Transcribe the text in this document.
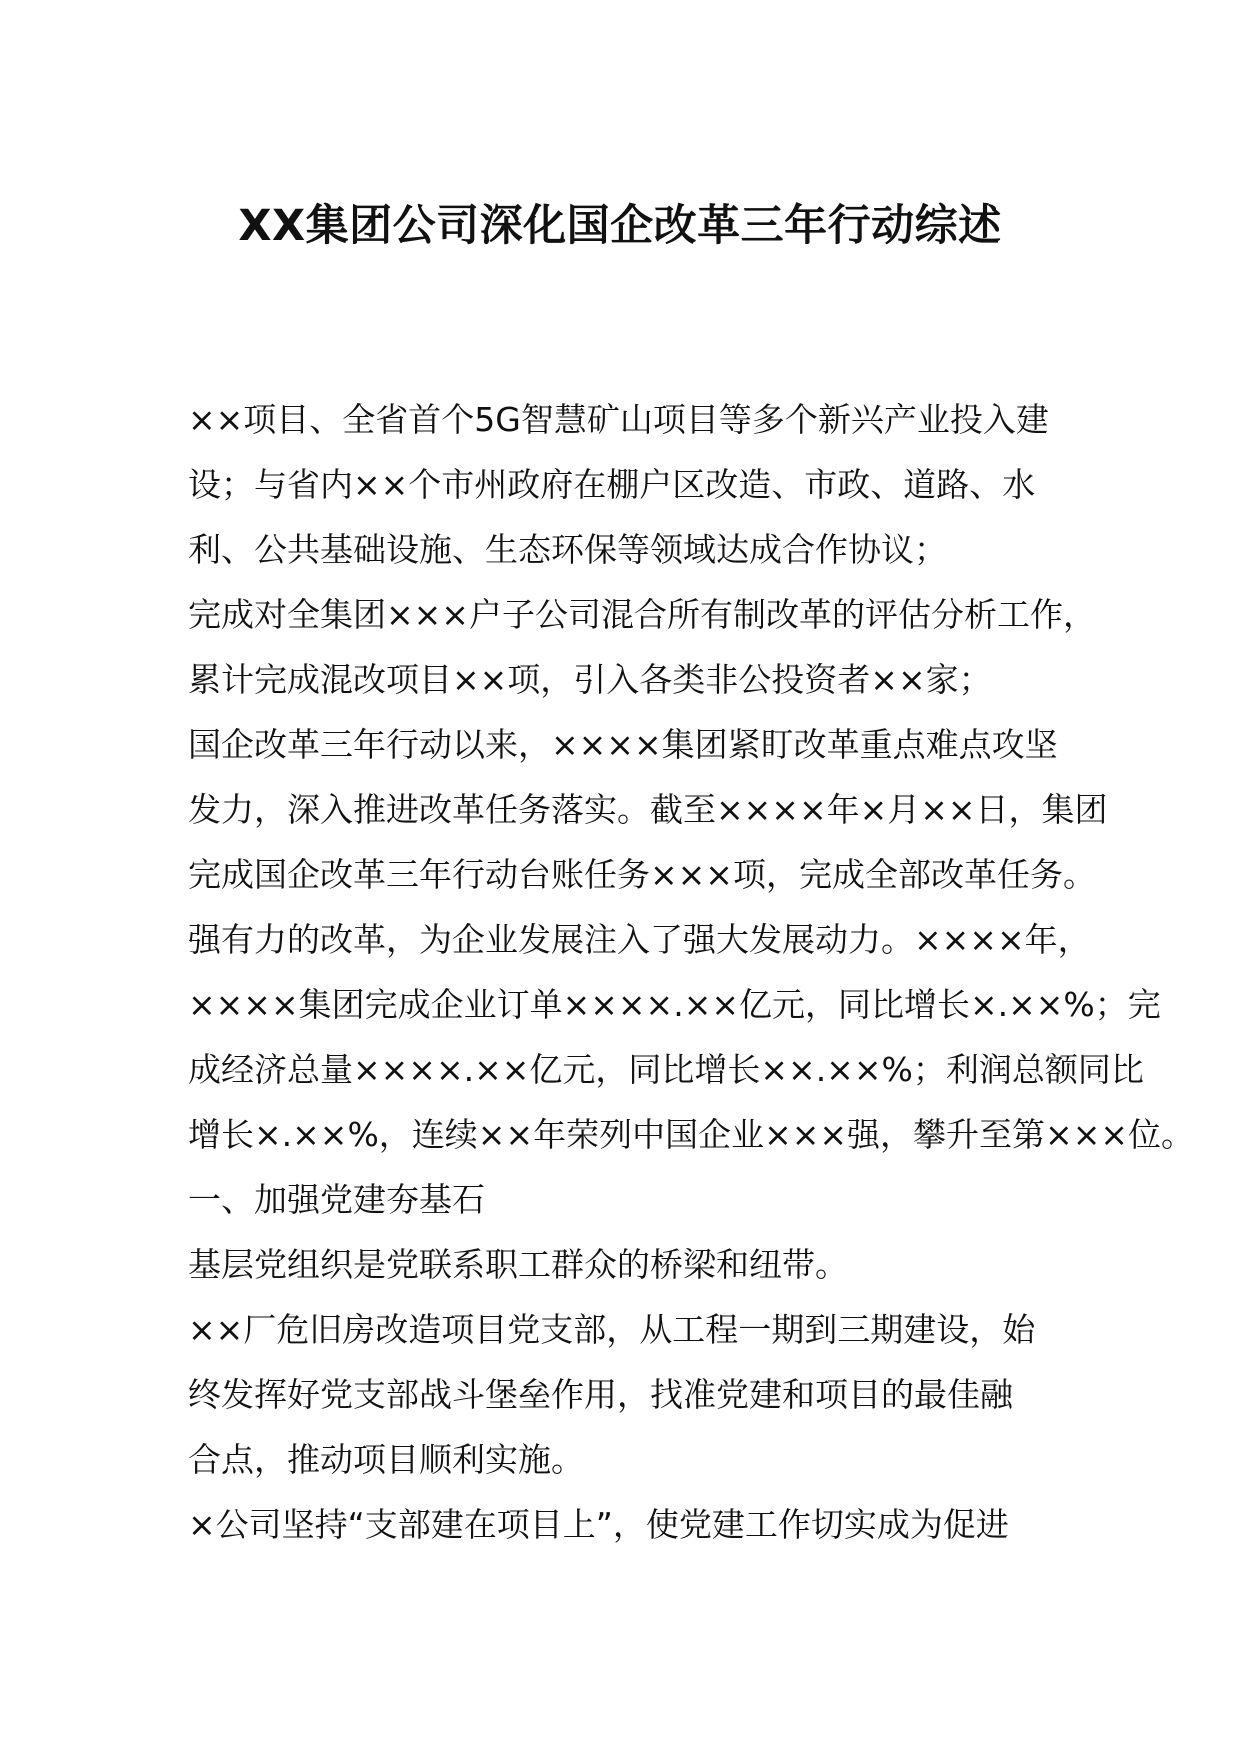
XX集团公司深化国企改革三年行动综述
××项目、全省首个5G智慧矿山项目等多个新兴产业投入建
设；与省内××个市州政府在棚户区改造、市政、道路、水
利、公共基础设施、生态环保等领域达成合作协议；
完成对全集团×××户子公司混合所有制改革的评估分析工作，
累计完成混改项目××项，引入各类非公投资者××家；
国企改革三年行动以来，××××集团紧盯改革重点难点攻坚
发力，深入推进改革任务落实。截至××××年×月××日，集团
完成国企改革三年行动台账任务×××项，完成全部改革任务。
强有力的改革，为企业发展注入了强大发展动力。××××年，
××××集团完成企业订单××××.××亿元，同比增长×.××%；完
成经济总量××××.××亿元，同比增长××.××%；利润总额同比
增长×.××%，连续××年荣列中国企业×××强，攀升至第×××位。
一、加强党建夯基石
基层党组织是党联系职工群众的桥梁和纽带。
××厂危旧房改造项目党支部，从工程一期到三期建设，始
终发挥好党支部战斗堡垒作用，找准党建和项目的最佳融
合点，推动项目顺利实施。
×公司坚持“支部建在项目上”，使党建工作切实成为促进
